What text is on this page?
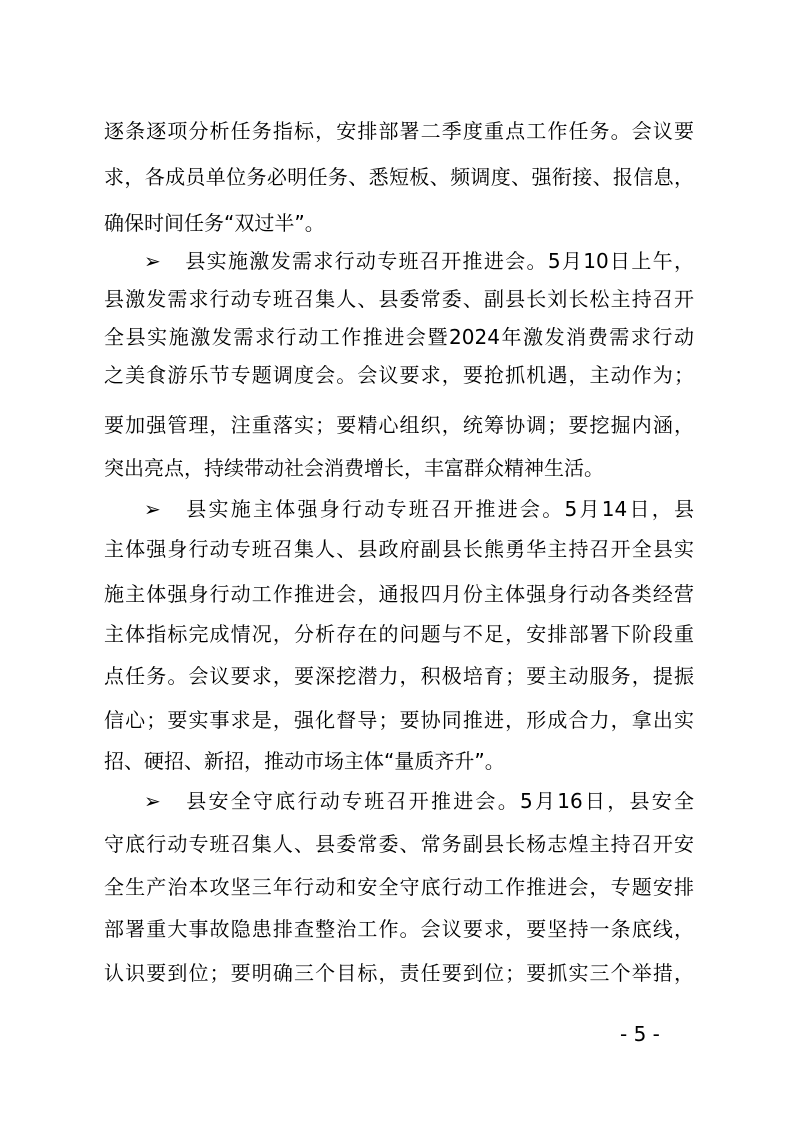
逐条逐项分析任务指标，安排部署二季度重点工作任务。会议要
求，各成员单位务必明任务、悉短板、频调度、强衔接、报信息，
确保时间任务“双过半”。
➢ 县实施激发需求行动专班召开推进会。5月10日上午，
县激发需求行动专班召集人、县委常委、副县长刘长松主持召开
全县实施激发需求行动工作推进会暨2024年激发消费需求行动
之美食游乐节专题调度会。会议要求，要抢抓机遇，主动作为；
要加强管理，注重落实；要精心组织，统筹协调；要挖掘内涵，
突出亮点，持续带动社会消费增长，丰富群众精神生活。
➢ 县实施主体强身行动专班召开推进会。5月14日，县
主体强身行动专班召集人、县政府副县长熊勇华主持召开全县实
施主体强身行动工作推进会，通报四月份主体强身行动各类经营
主体指标完成情况，分析存在的问题与不足，安排部署下阶段重
点任务。会议要求，要深挖潜力，积极培育；要主动服务，提振
信心；要实事求是，强化督导；要协同推进，形成合力，拿出实
招、硬招、新招，推动市场主体“量质齐升”。
➢ 县安全守底行动专班召开推进会。5月16日，县安全
守底行动专班召集人、县委常委、常务副县长杨志煌主持召开安
全生产治本攻坚三年行动和安全守底行动工作推进会，专题安排
部署重大事故隐患排查整治工作。会议要求，要坚持一条底线，
认识要到位；要明确三个目标，责任要到位；要抓实三个举措，
- 5 -
